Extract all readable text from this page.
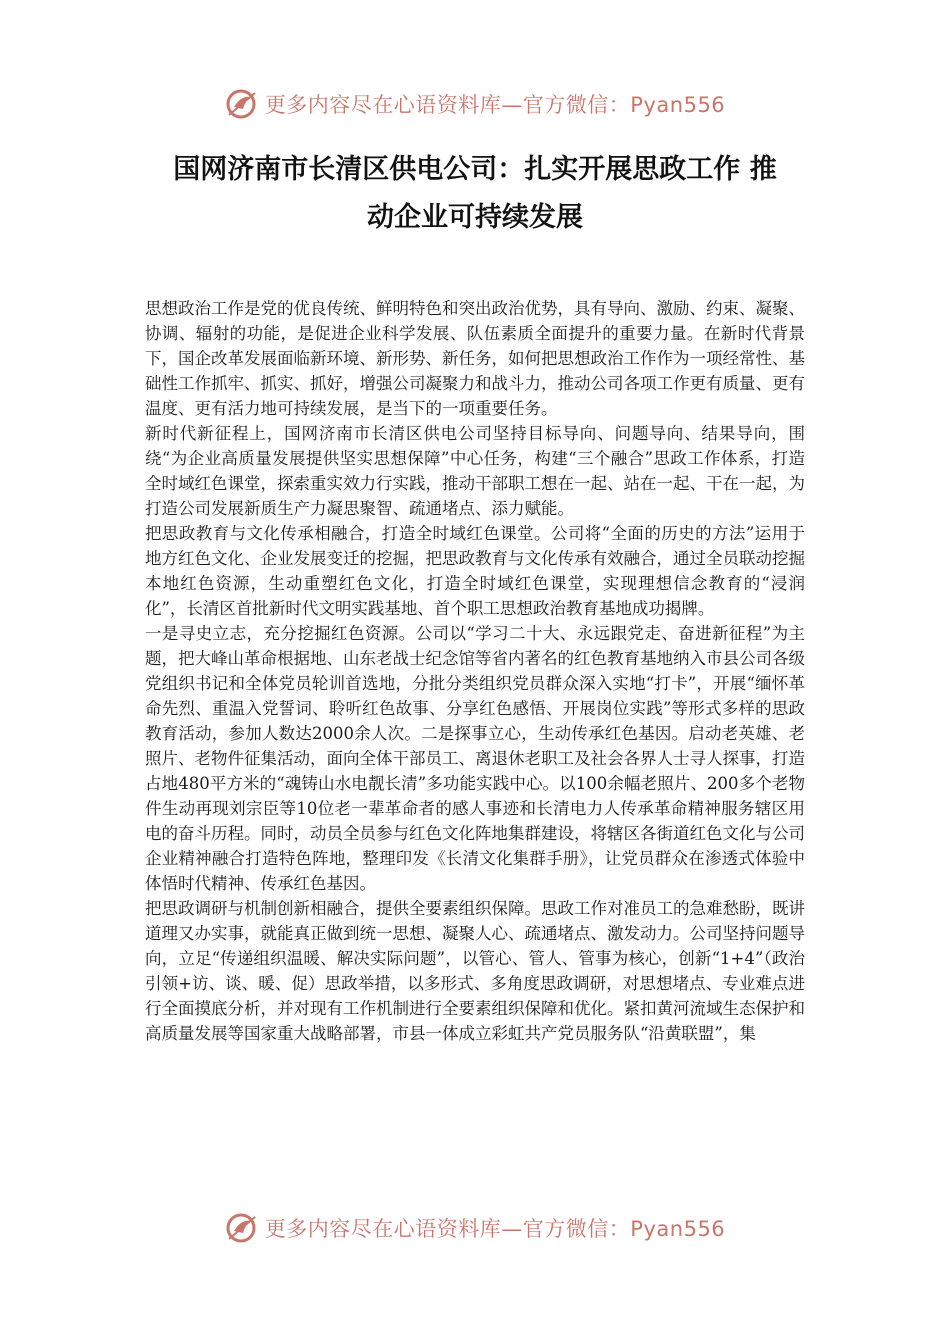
更多内容尽在心语资料库—官方微信：Pyan556
国网济南市长清区供电公司：扎实开展思政工作 推
动企业可持续发展

思想政治工作是党的优良传统、鲜明特色和突出政治优势，具有导向、激励、约束、凝聚、协调、辐射的功能，是促进企业科学发展、队伍素质全面提升的重要力量。在新时代背景下，国企改革发展面临新环境、新形势、新任务，如何把思想政治工作作为一项经常性、基础性工作抓牢、抓实、抓好，增强公司凝聚力和战斗力，推动公司各项工作更有质量、更有温度、更有活力地可持续发展，是当下的一项重要任务。

新时代新征程上，国网济南市长清区供电公司坚持目标导向、问题导向、结果导向，围绕“为企业高质量发展提供坚实思想保障”中心任务，构建“三个融合”思政工作体系，打造全时域红色课堂，探索重实效力行实践，推动干部职工想在一起、站在一起、干在一起，为打造公司发展新质生产力凝思聚智、疏通堵点、添力赋能。

把思政教育与文化传承相融合，打造全时域红色课堂。公司将“全面的历史的方法”运用于地方红色文化、企业发展变迁的挖掘，把思政教育与文化传承有效融合，通过全员联动挖掘本地红色资源，生动重塑红色文化，打造全时域红色课堂，实现理想信念教育的“浸润化”，长清区首批新时代文明实践基地、首个职工思想政治教育基地成功揭牌。

一是寻史立志，充分挖掘红色资源。公司以“学习二十大、永远跟党走、奋进新征程”为主题，把大峰山革命根据地、山东老战士纪念馆等省内著名的红色教育基地纳入市县公司各级党组织书记和全体党员轮训首选地，分批分类组织党员群众深入实地“打卡”，开展“缅怀革命先烈、重温入党誓词、聆听红色故事、分享红色感悟、开展岗位实践”等形式多样的思政教育活动，参加人数达2000余人次。二是探事立心，生动传承红色基因。启动老英雄、老照片、老物件征集活动，面向全体干部员工、离退休老职工及社会各界人士寻人探事，打造占地480平方米的“魂铸山水电靓长清”多功能实践中心。以100余幅老照片、200多个老物件生动再现刘宗臣等10位老一辈革命者的感人事迹和长清电力人传承革命精神服务辖区用电的奋斗历程。同时，动员全员参与红色文化阵地集群建设，将辖区各街道红色文化与公司企业精神融合打造特色阵地，整理印发《长清文化集群手册》，让党员群众在渗透式体验中体悟时代精神、传承红色基因。

把思政调研与机制创新相融合，提供全要素组织保障。思政工作对准员工的急难愁盼，既讲道理又办实事，就能真正做到统一思想、凝聚人心、疏通堵点、激发动力。公司坚持问题导向，立足“传递组织温暖、解决实际问题”，以管心、管人、管事为核心，创新“1+4”（政治引领+访、谈、暖、促）思政举措，以多形式、多角度思政调研，对思想堵点、专业难点进行全面摸底分析，并对现有工作机制进行全要素组织保障和优化。紧扣黄河流域生态保护和高质量发展等国家重大战略部署，市县一体成立彩虹共产党员服务队“沿黄联盟”，集

更多内容尽在心语资料库—官方微信：Pyan556
